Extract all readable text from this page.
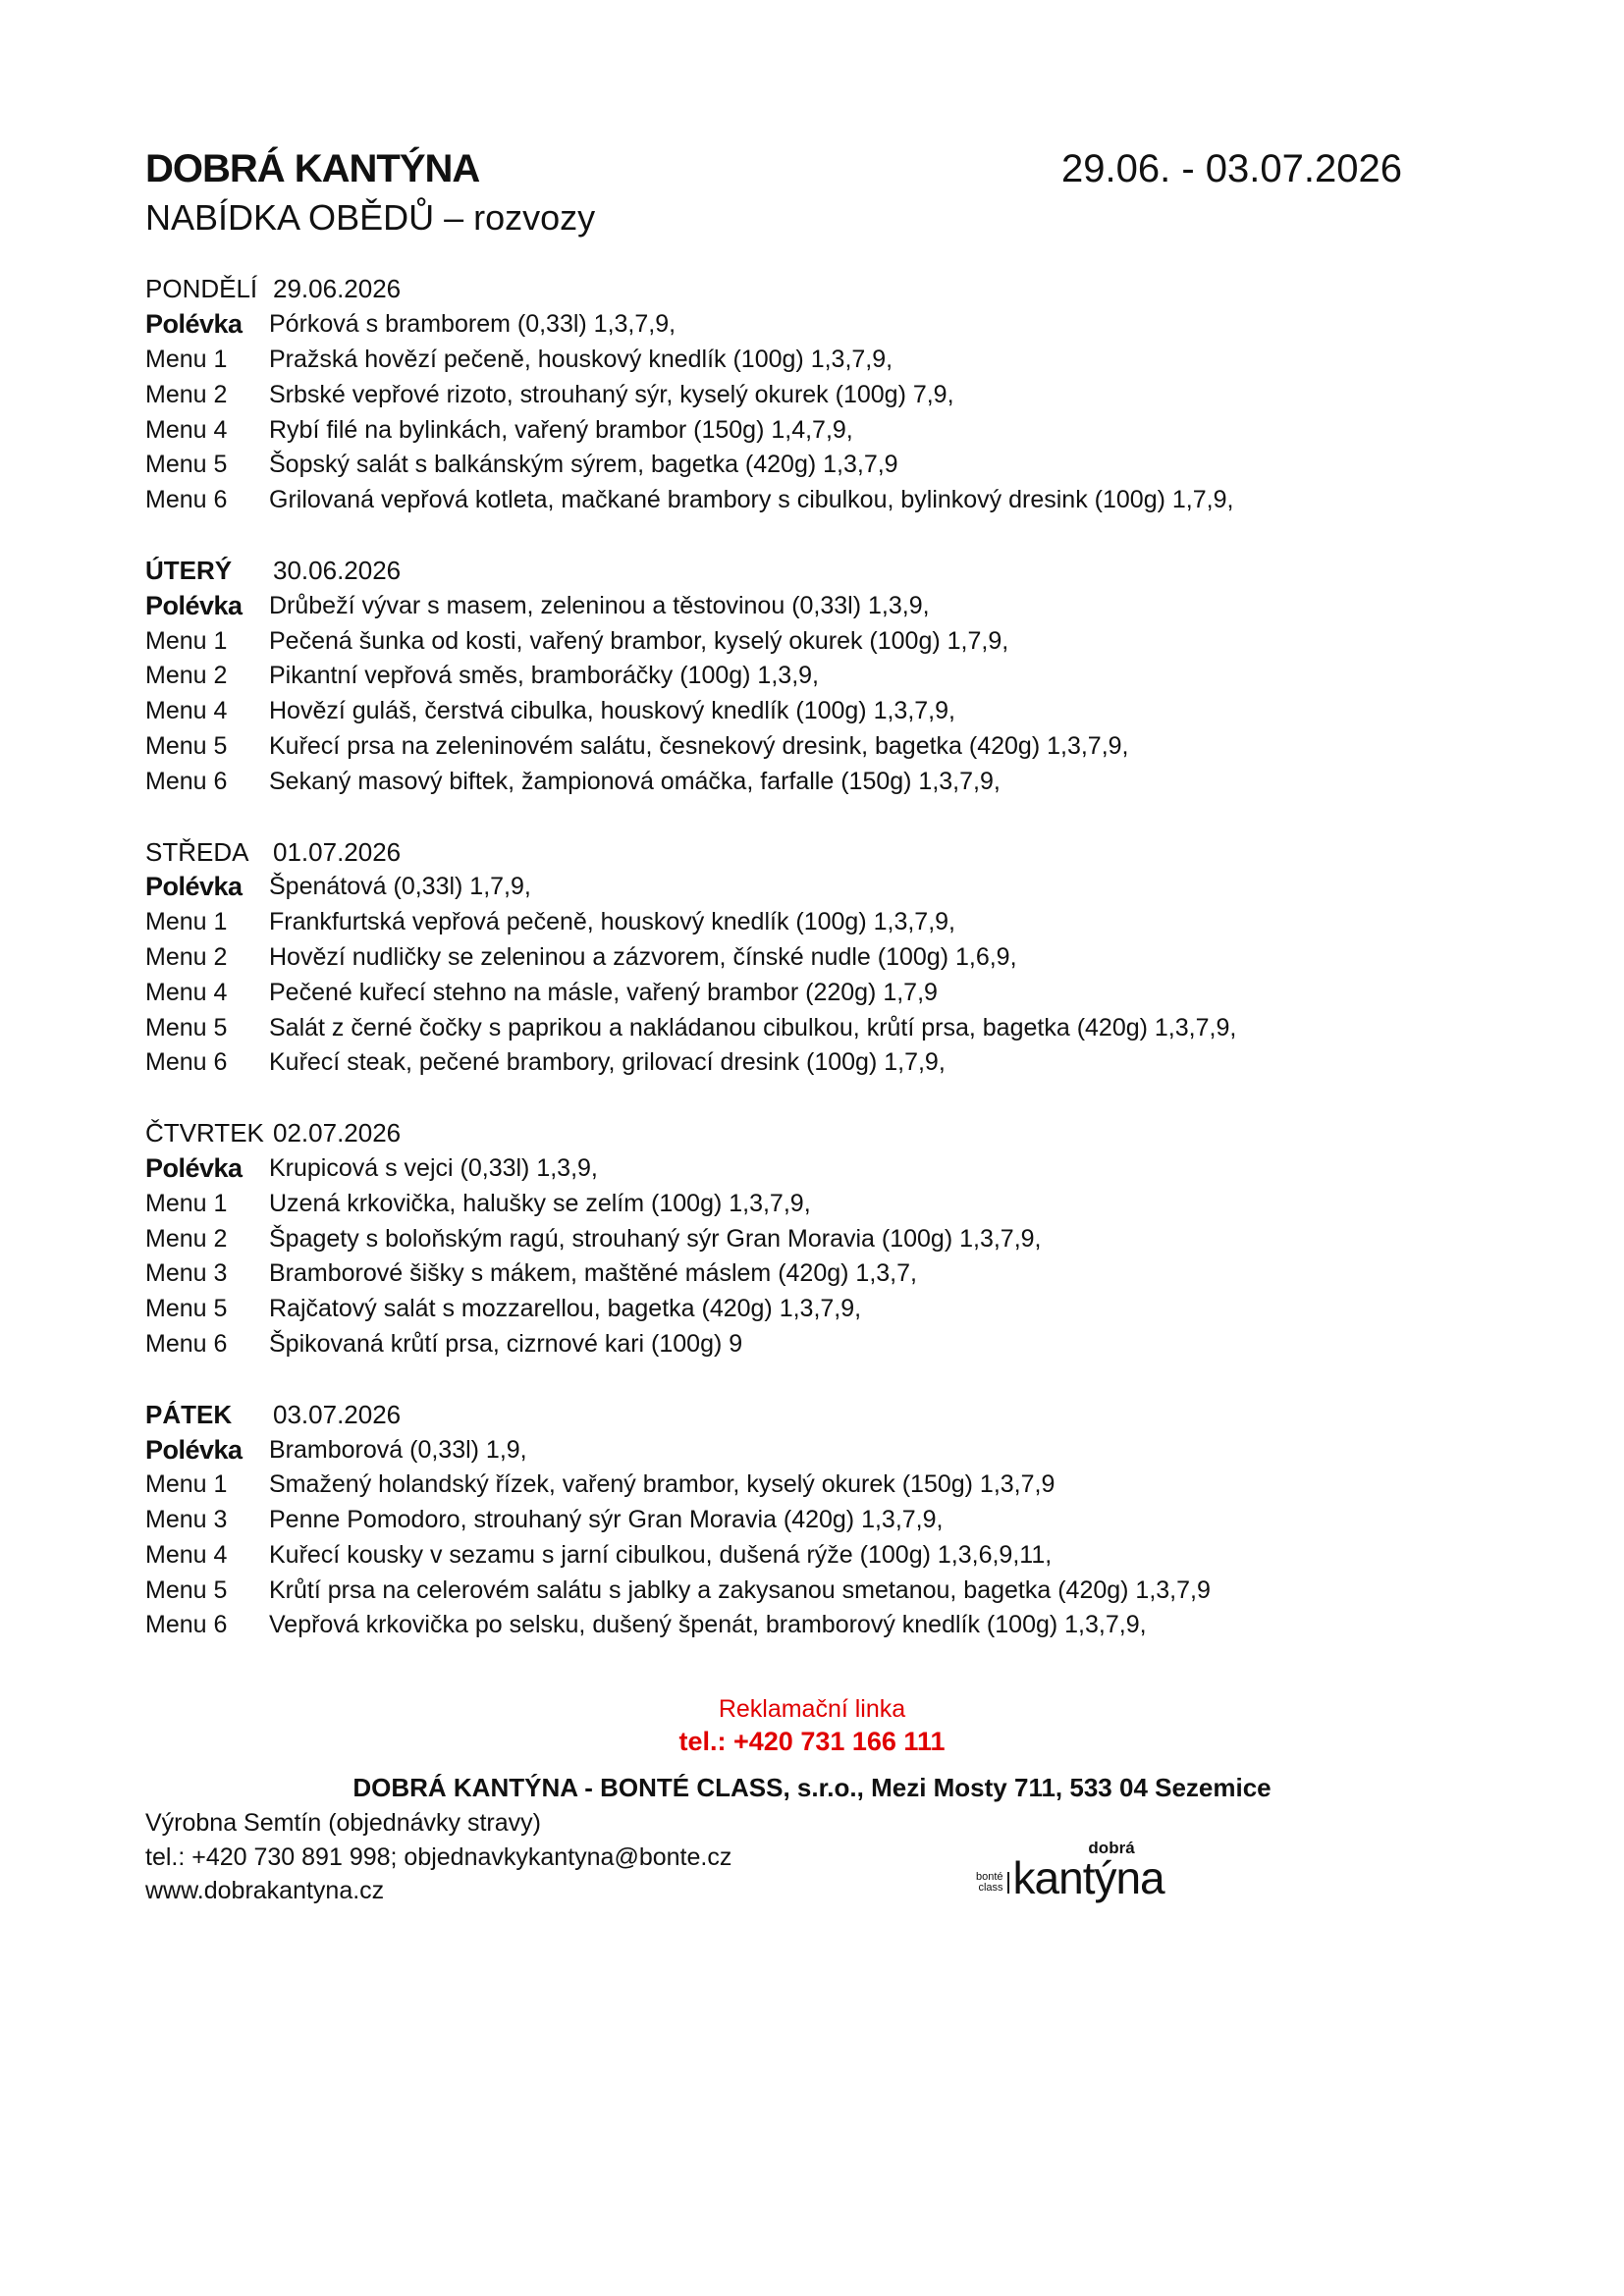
DOBRÁ KANTÝNA
NABÍDKA OBĚDŮ – rozvozy
29.06. - 03.07.2026
PONDĚLÍ 29.06.2026
Polévka	Pórková s bramborem (0,33l) 1,3,7,9,
Menu 1	Pražská hovězí pečeně, houskový knedlík (100g) 1,3,7,9,
Menu 2	Srbské vepřové rizoto, strouhaný sýr, kyselý okurek (100g) 7,9,
Menu 4	Rybí filé na bylinkách, vařený brambor (150g) 1,4,7,9,
Menu 5	Šopský salát s balkánským sýrem, bagetka (420g) 1,3,7,9
Menu 6	Grilovaná vepřová kotleta, mačkané brambory s cibulkou, bylinkový dresink (100g) 1,7,9,
ÚTERÝ	30.06.2026
Polévka	Drůbeží vývar s masem, zeleninou a těstovinou (0,33l) 1,3,9,
Menu 1	Pečená šunka od kosti, vařený brambor, kyselý okurek (100g) 1,7,9,
Menu 2	Pikantní vepřová směs, bramboráčky (100g) 1,3,9,
Menu 4	Hovězí guláš, čerstvá cibulka, houskový knedlík (100g) 1,3,7,9,
Menu 5	Kuřecí prsa na zeleninovém salátu, česnekový dresink, bagetka (420g) 1,3,7,9,
Menu 6	Sekaný masový biftek, žampionová omáčka, farfalle (150g) 1,3,7,9,
STŘEDA 01.07.2026
Polévka	Špenátová (0,33l) 1,7,9,
Menu 1	Frankfurtská vepřová pečeně, houskový knedlík (100g) 1,3,7,9,
Menu 2	Hovězí nudličky se zeleninou a zázvorem, čínské nudle (100g) 1,6,9,
Menu 4	Pečené kuřecí stehno na másle, vařený brambor (220g) 1,7,9
Menu 5	Salát z černé čočky s paprikou a nakládanou cibulkou, krůtí prsa, bagetka (420g) 1,3,7,9,
Menu 6	Kuřecí steak, pečené brambory, grilovací dresink (100g) 1,7,9,
ČTVRTEK 02.07.2026
Polévka	Krupicová s vejci (0,33l) 1,3,9,
Menu 1	Uzená krkovička, halušky se zelím (100g) 1,3,7,9,
Menu 2	Špagety s boloňským ragú, strouhaný sýr Gran Moravia (100g) 1,3,7,9,
Menu 3	Bramborové šišky s mákem, maštěné máslem (420g) 1,3,7,
Menu 5	Rajčatový salát s mozzarellou, bagetka (420g) 1,3,7,9,
Menu 6	Špikovaná krůtí prsa, cizrnové kari (100g) 9
PÁTEK	03.07.2026
Polévka	Bramborová (0,33l) 1,9,
Menu 1	Smažený holandský řízek, vařený brambor, kyselý okurek (150g) 1,3,7,9
Menu 3	Penne Pomodoro, strouhaný sýr Gran Moravia (420g) 1,3,7,9,
Menu 4	Kuřecí kousky v sezamu s jarní cibulkou, dušená rýže (100g) 1,3,6,9,11,
Menu 5	Krůtí prsa na celerovém salátu s jablky a zakysanou smetanou, bagetka (420g) 1,3,7,9
Menu 6	Vepřová krkovička po selsku, dušený špenát, bramborový knedlík (100g) 1,3,7,9,
Reklamační linka
tel.: +420 731 166 111
DOBRÁ KANTÝNA - BONTÉ CLASS, s.r.o., Mezi Mosty 711, 533 04 Sezemice
Výrobna Semtín (objednávky stravy)
tel.: +420 730 891 998; objednavkykantyna@bonte.cz
www.dobrakantyna.cz	bonté
class
dobrá
kantýna
